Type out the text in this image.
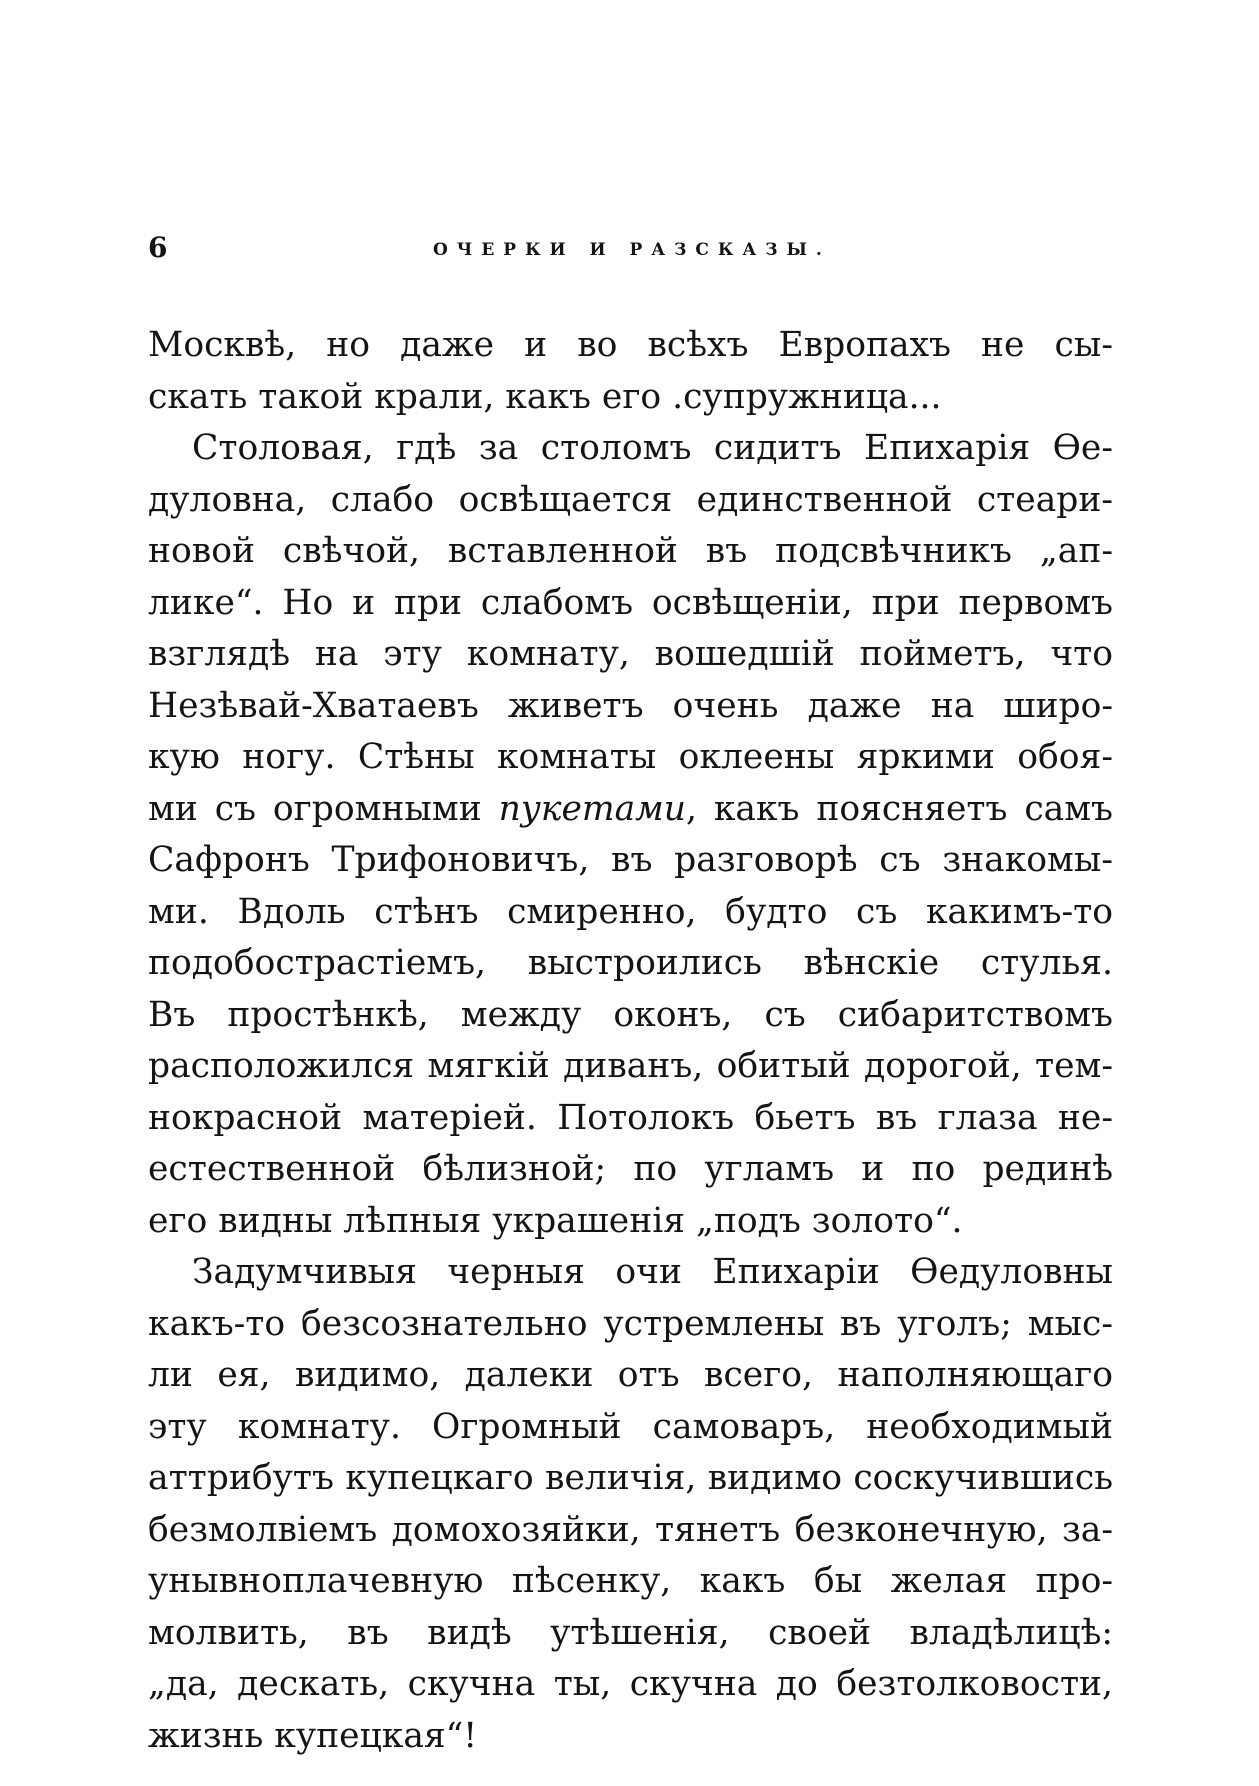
6	ОЧЕРКИ И РАЗСКАЗЫ.
Москвѣ, но даже и во всѣхъ Европахъ не сы-
скать такой крали, какъ его .супружница...
Столовая, гдѣ за столомъ сидитъ Епихарія Ѳе-
дуловна, слабо освѣщается единственной стеари-
новой свѣчой, вставленной въ подсвѣчникъ „ап-
лике“. Но и при слабомъ освѣщеніи, при первомъ
взглядѣ на эту комнату, вошедшій пойметъ, что
Незѣвай-Хватаевъ живетъ очень даже на широ-
кую ногу. Стѣны комнаты оклеены яркими обоя-
ми съ огромными пукетами, какъ поясняетъ самъ
Сафронъ Трифоновичъ, въ разговорѣ съ знакомы-
ми. Вдоль стѣнъ смиренно, будто съ какимъ-то
подобострастіемъ, выстроились вѣнскіе стулья.
Въ простѣнкѣ, между оконъ, съ сибаритствомъ
расположился мягкій диванъ, обитый дорогой, тем-
нокрасной матеріей. Потолокъ бьетъ въ глаза не-
естественной бѣлизной; по угламъ и по рединѣ
его видны лѣпныя украшенія „подъ золото“.
Задумчивыя черныя очи Епихаріи Ѳедуловны
какъ-то безсознательно устремлены въ уголъ; мыс-
ли ея, видимо, далеки отъ всего, наполняющаго
эту комнату. Огромный самоваръ, необходимый
аттрибутъ купецкаго величія, видимо соскучившись
безмолвіемъ домохозяйки, тянетъ безконечную, за-
унывноплачевную пѣсенку, какъ бы желая про-
молвить, въ видѣ утѣшенія, своей владѣлицѣ:
„да, дескать, скучна ты, скучна до безтолковости,
жизнь купецкая“!
